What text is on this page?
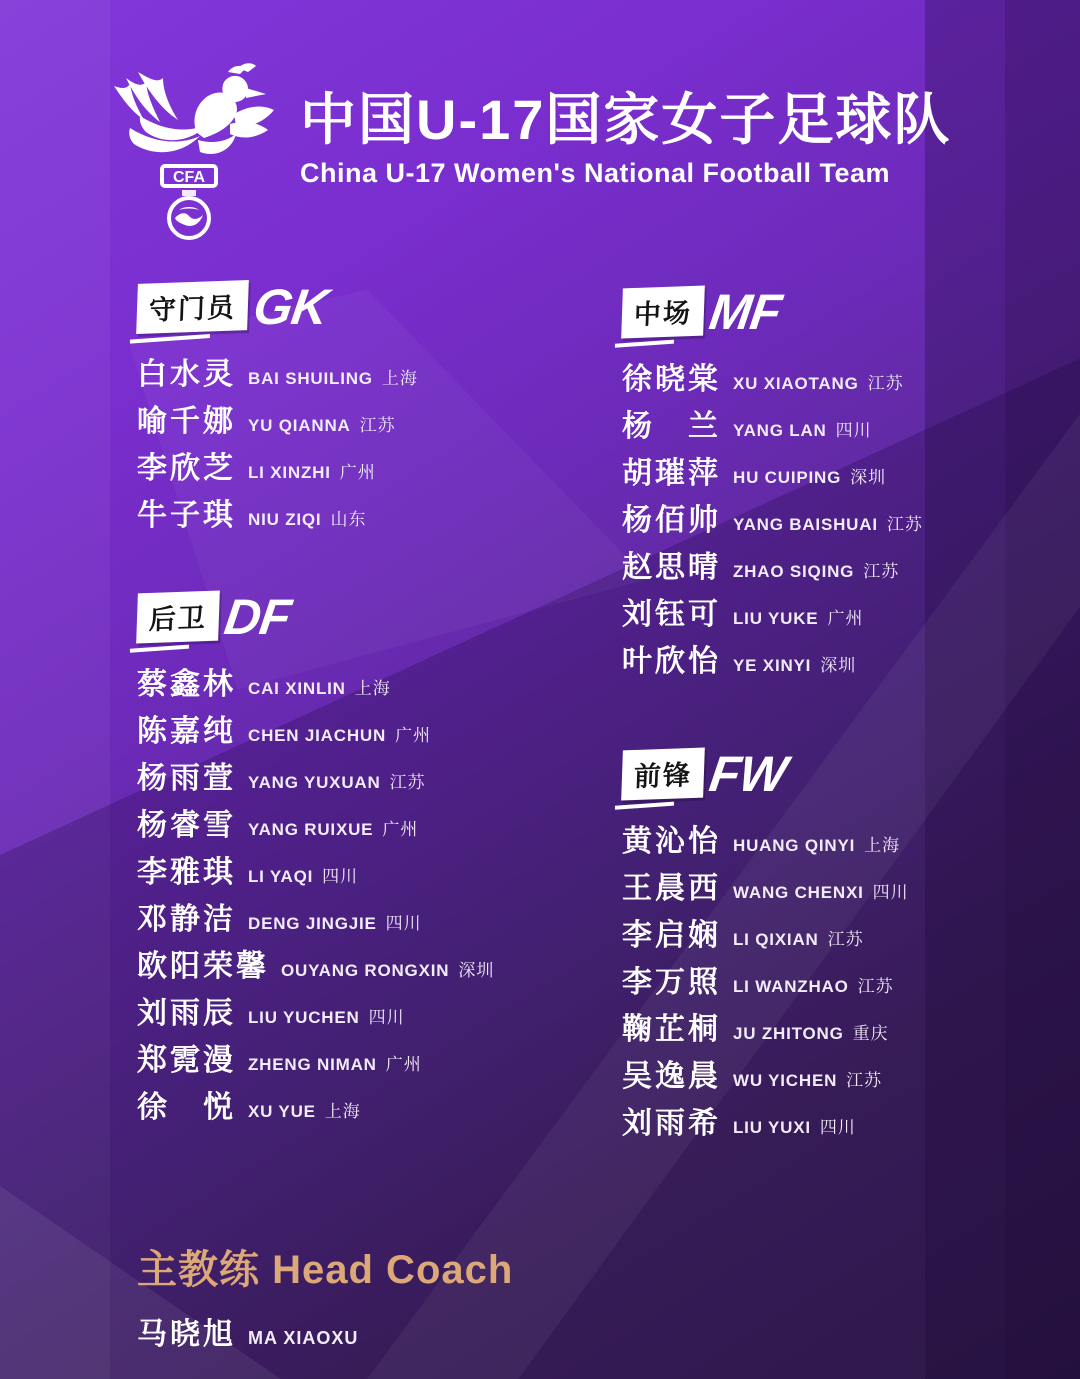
CFA
中国U-17国家女子足球队
China U-17 Women's National Football Team
守门员 GK
白水灵 BAI SHUILING 上海
喻千娜 YU QIANNA 江苏
李欣芝 LI XINZHI 广州
牛子琪 NIU ZIQI 山东
后卫 DF
蔡鑫林 CAI XINLIN 上海
陈嘉纯 CHEN JIACHUN 广州
杨雨萱 YANG YUXUAN 江苏
杨睿雪 YANG RUIXUE 广州
李雅琪 LI YAQI 四川
邓静洁 DENG JINGJIE 四川
欧阳荣馨 OUYANG RONGXIN 深圳
刘雨辰 LIU YUCHEN 四川
郑霓漫 ZHENG NIMAN 广州
徐　悦 XU YUE 上海
中场 MF
徐晓棠 XU XIAOTANG 江苏
杨　兰 YANG LAN 四川
胡璀萍 HU CUIPING 深圳
杨佰帅 YANG BAISHUAI 江苏
赵思晴 ZHAO SIQING 江苏
刘钰可 LIU YUKE 广州
叶欣怡 YE XINYI 深圳
前锋 FW
黄沁怡 HUANG QINYI 上海
王晨西 WANG CHENXI 四川
李启娴 LI QIXIAN 江苏
李万照 LI WANZHAO 江苏
鞠芷桐 JU ZHITONG 重庆
吴逸晨 WU YICHEN 江苏
刘雨希 LIU YUXI 四川
主教练 Head Coach
马晓旭 MA XIAOXU
